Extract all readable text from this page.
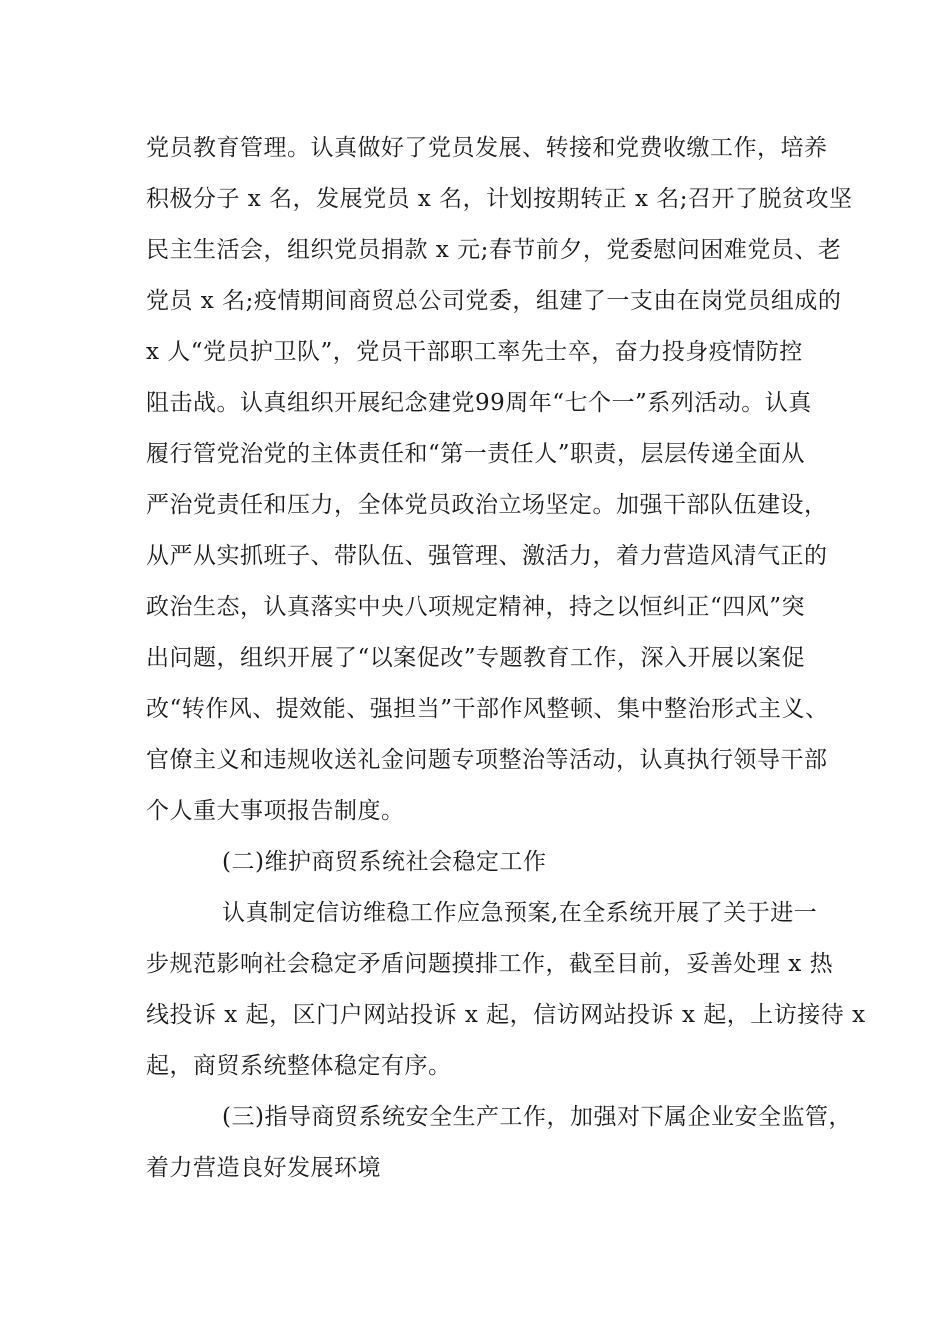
党员教育管理。认真做好了党员发展、转接和党费收缴工作，培养
积极分子 x 名，发展党员 x 名，计划按期转正 x 名;召开了脱贫攻坚
民主生活会，组织党员捐款 x 元;春节前夕，党委慰问困难党员、老
党员 x 名;疫情期间商贸总公司党委，组建了一支由在岗党员组成的
x 人“党员护卫队”，党员干部职工率先士卒，奋力投身疫情防控
阻击战。认真组织开展纪念建党99周年“七个一”系列活动。认真
履行管党治党的主体责任和“第一责任人”职责，层层传递全面从
严治党责任和压力，全体党员政治立场坚定。加强干部队伍建设，
从严从实抓班子、带队伍、强管理、激活力，着力营造风清气正的
政治生态，认真落实中央八项规定精神，持之以恒纠正“四风”突
出问题，组织开展了“以案促改”专题教育工作，深入开展以案促
改“转作风、提效能、强担当”干部作风整顿、集中整治形式主义、
官僚主义和违规收送礼金问题专项整治等活动，认真执行领导干部
个人重大事项报告制度。
(二)维护商贸系统社会稳定工作
认真制定信访维稳工作应急预案,在全系统开展了关于进一
步规范影响社会稳定矛盾问题摸排工作，截至目前，妥善处理 x 热
线投诉 x 起，区门户网站投诉 x 起，信访网站投诉 x 起，上访接待 x
起，商贸系统整体稳定有序。
(三)指导商贸系统安全生产工作，加强对下属企业安全监管，
着力营造良好发展环境
